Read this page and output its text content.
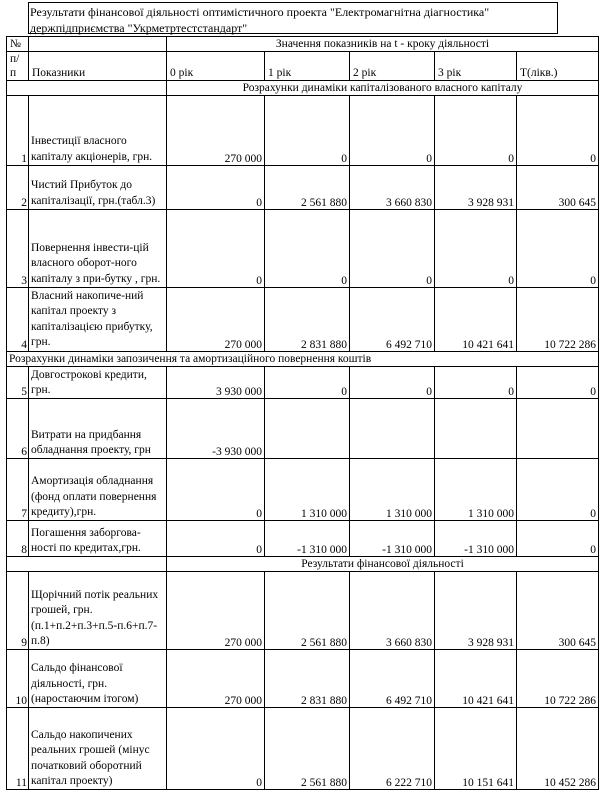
Результати фінансової діяльності оптимістичного проекта "Електромагнітна діагностика"
держпідприємства "Укрметртестстандарт"
№		Значення показників на t - кроку діяльності				
п/п	Показники	0 рік	1 рік	2 рік	3 рік	Т(лікв.)
		Розрахунки динаміки капіталізованого власного капіталу				
1	Інвестиції власного капіталу акціонерів, грн.	270 000	0	0	0	0
2	Чистий Прибуток до капіталізації, грн.(табл.3)	0	2 561 880	3 660 830	3 928 931	300 645
3	Повернення інвести-цій власного оборот-ного капіталу з при-бутку , грн.	0	0	0	0	0
4	Власний накопиче-ний капітал проекту з капіталізацією прибутку, грн.	270 000	2 831 880	6 492 710	10 421 641	10 722 286
Розрахунки динаміки запозичення та амортизаційного повернення коштів						
5	Довгострокові кредити, грн.	3 930 000	0	0	0	0
6	Витрати на придбання обладнання проекту, грн	-3 930 000				
7	Амортизація обладнання (фонд оплати повернення кредиту),грн.	0	1 310 000	1 310 000	1 310 000	0
8	Погашення заборгова-ності по кредитах,грн.	0	-1 310 000	-1 310 000	-1 310 000	0
		Результати фінансової діяльності				
9	Щорічний потік реальних грошей, грн.(п.1+п.2+п.3+п.5-п.6+п.7-п.8)	270 000	2 561 880	3 660 830	3 928 931	300 645
10	Сальдо фінансової діяльності, грн. (наростаючим ітогом)	270 000	2 831 880	6 492 710	10 421 641	10 722 286
11	Сальдо накопичених реальних грошей (мінус початковий оборотний капітал проекту)	0	2 561 880	6 222 710	10 151 641	10 452 286
